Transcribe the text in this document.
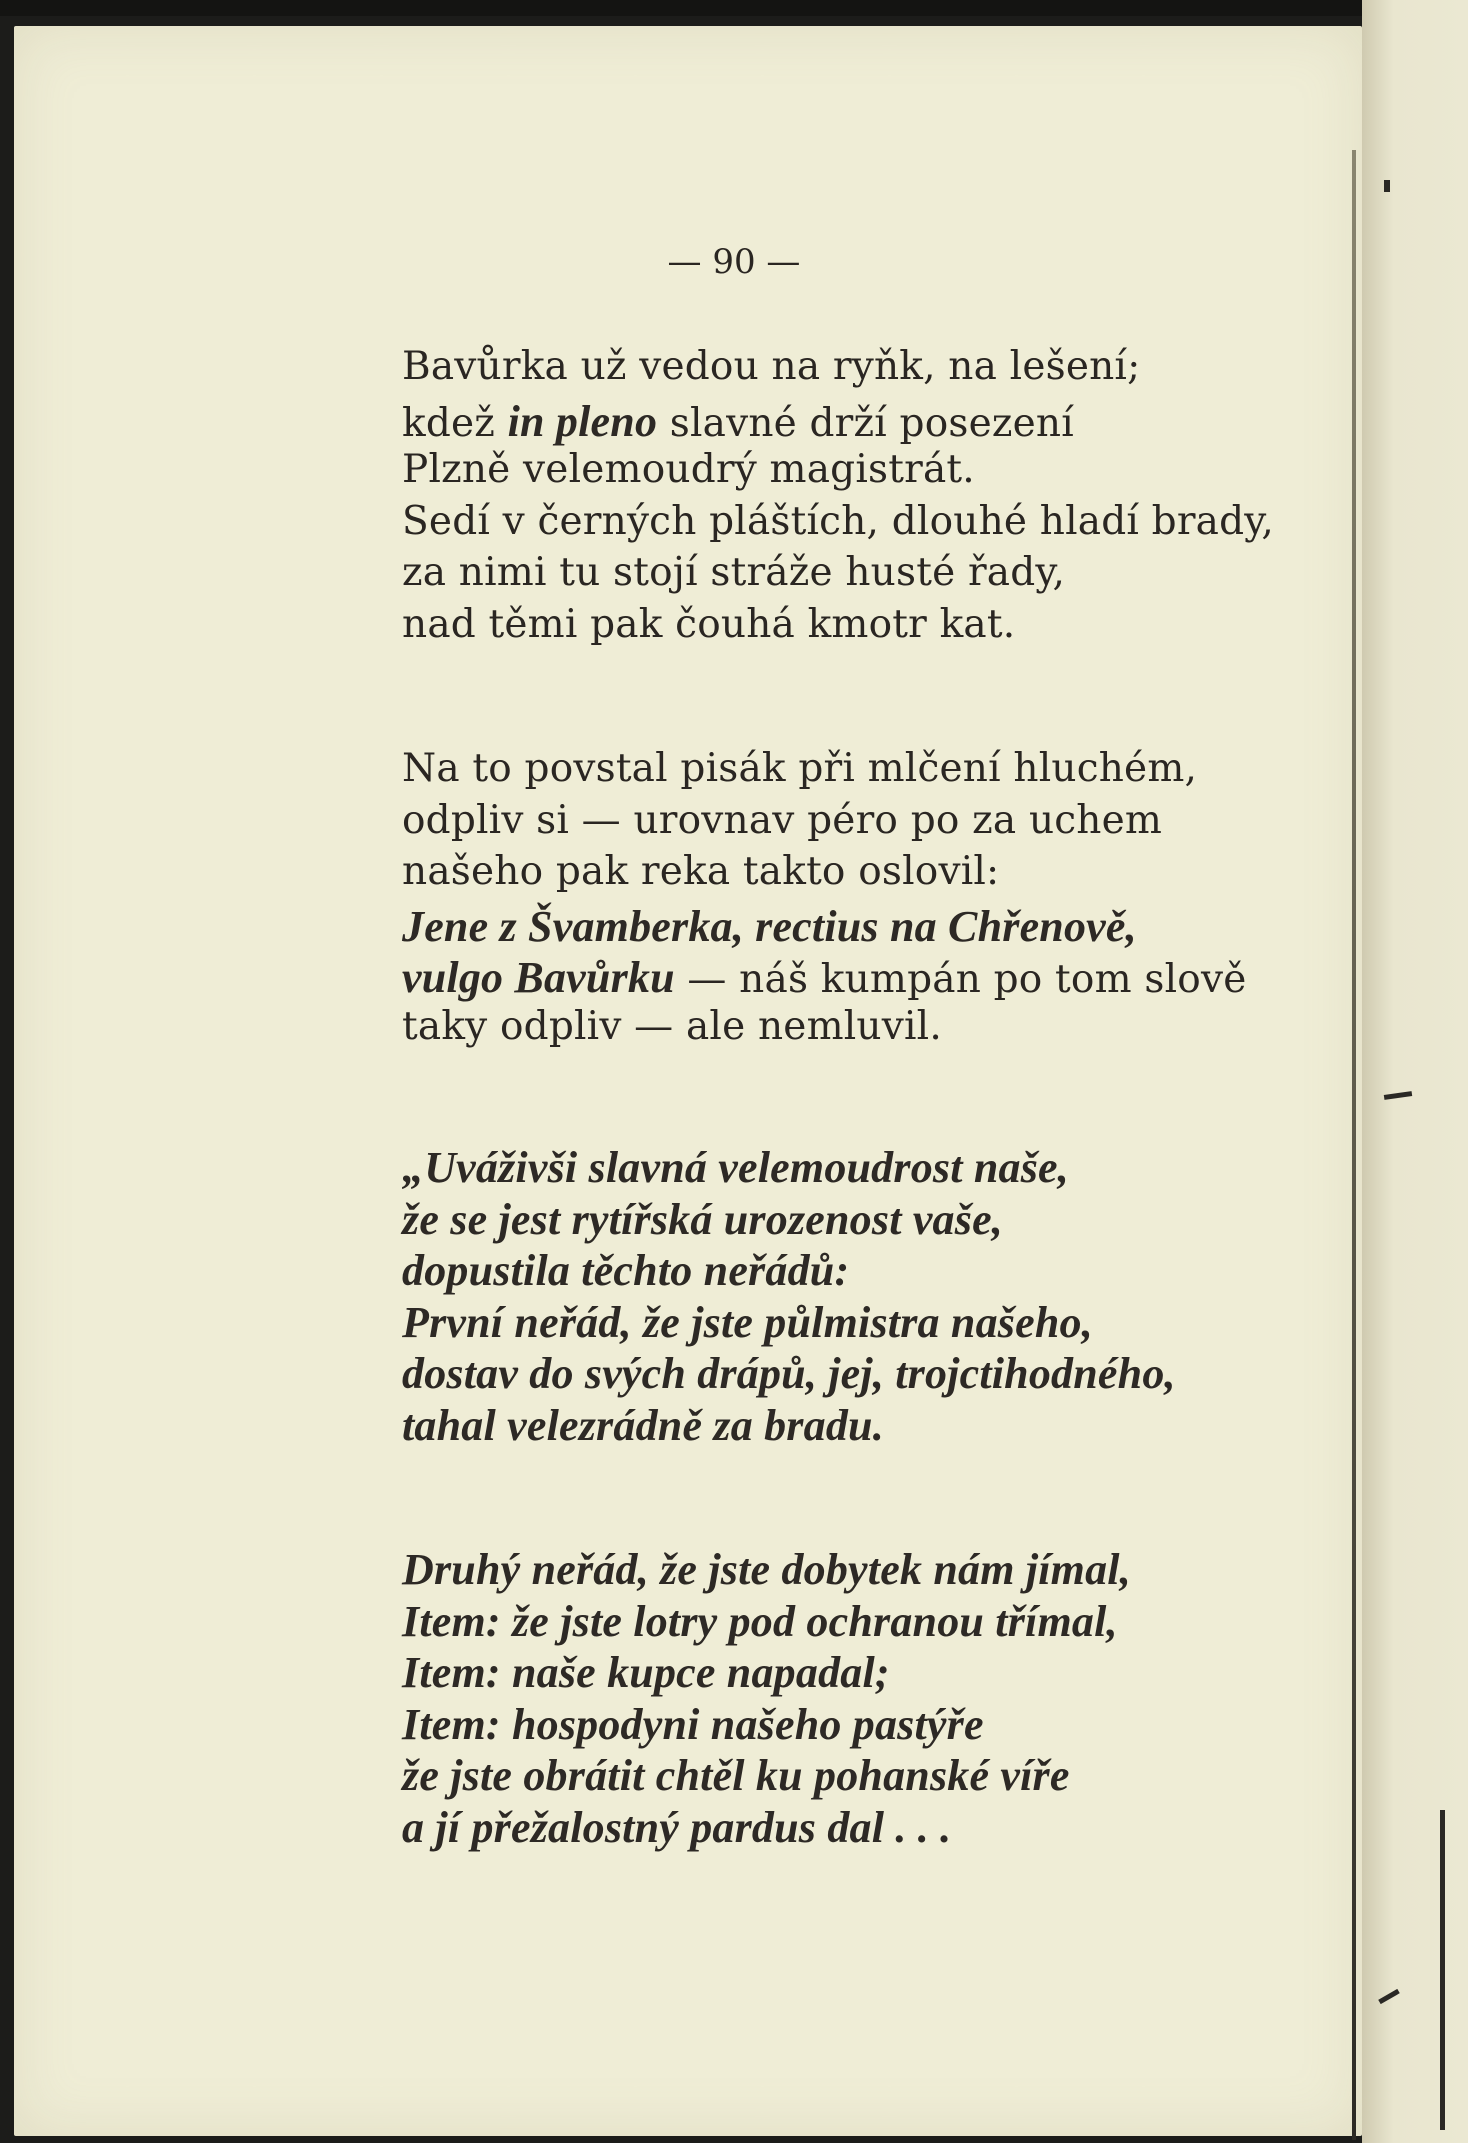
— 90 —
Bavůrka už vedou na ryňk, na lešení;
kdež in pleno slavné drží posezení
Plzně velemoudrý magistrát.
Sedí v černých pláštích, dlouhé hladí brady,
za nimi tu stojí stráže husté řady,
nad těmi pak čouhá kmotr kat.
Na to povstal pisák při mlčení hluchém,
odpliv si — urovnav péro po za uchem
našeho pak reka takto oslovil:
Jene z Švamberka, rectius na Chřenově,
vulgo Bavůrku — náš kumpán po tom slově
taky odpliv — ale nemluvil.
„Uváživši slavná velemoudrost naše,
že se jest rytířská urozenost vaše,
dopustila těchto neřádů:
První neřád, že jste půlmistra našeho,
dostav do svých drápů, jej, trojctihodného,
tahal velezrádně za bradu.
Druhý neřád, že jste dobytek nám jímal,
Item: že jste lotry pod ochranou třímal,
Item: naše kupce napadal;
Item: hospodyni našeho pastýře
že jste obrátit chtěl ku pohanské víře
a jí přežalostný pardus dal . . .
